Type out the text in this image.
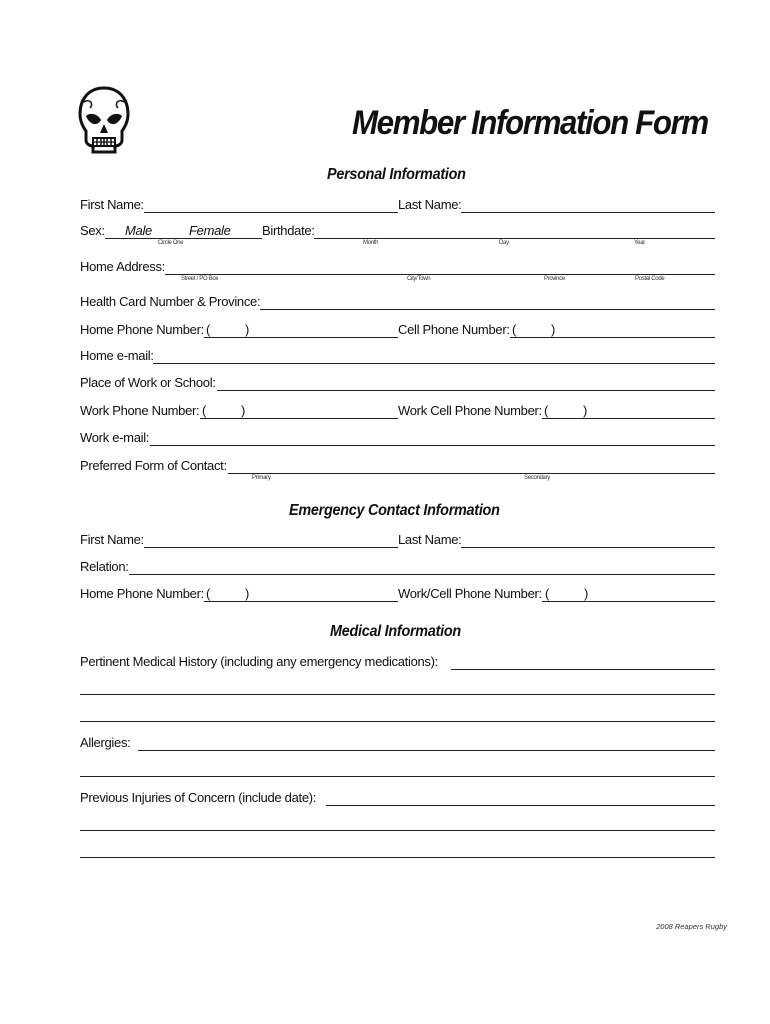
Member Information Form
Personal Information
First Name:	Last Name:
Sex: Male	Female
Circle One
Birthdate:
Month	Day	Year
Home Address:
Street / PO Box	City/Town	Province	Postal Code
Health Card Number & Province:
Home Phone Number: (	)	Cell Phone Number: (	)
Home e-mail:
Place of Work or School:
Work Phone Number: (	)	Work Cell Phone Number: (	)
Work e-mail:
Preferred Form of Contact:
Primary	Secondary
Emergency Contact Information
First Name:	Last Name:
Relation:
Home Phone Number: (	)	Work/Cell Phone Number: (	)
Medical Information
Pertinent Medical History (including any emergency medications):
Allergies:
Previous Injuries of Concern (include date):
2008 Reapers Rugby
